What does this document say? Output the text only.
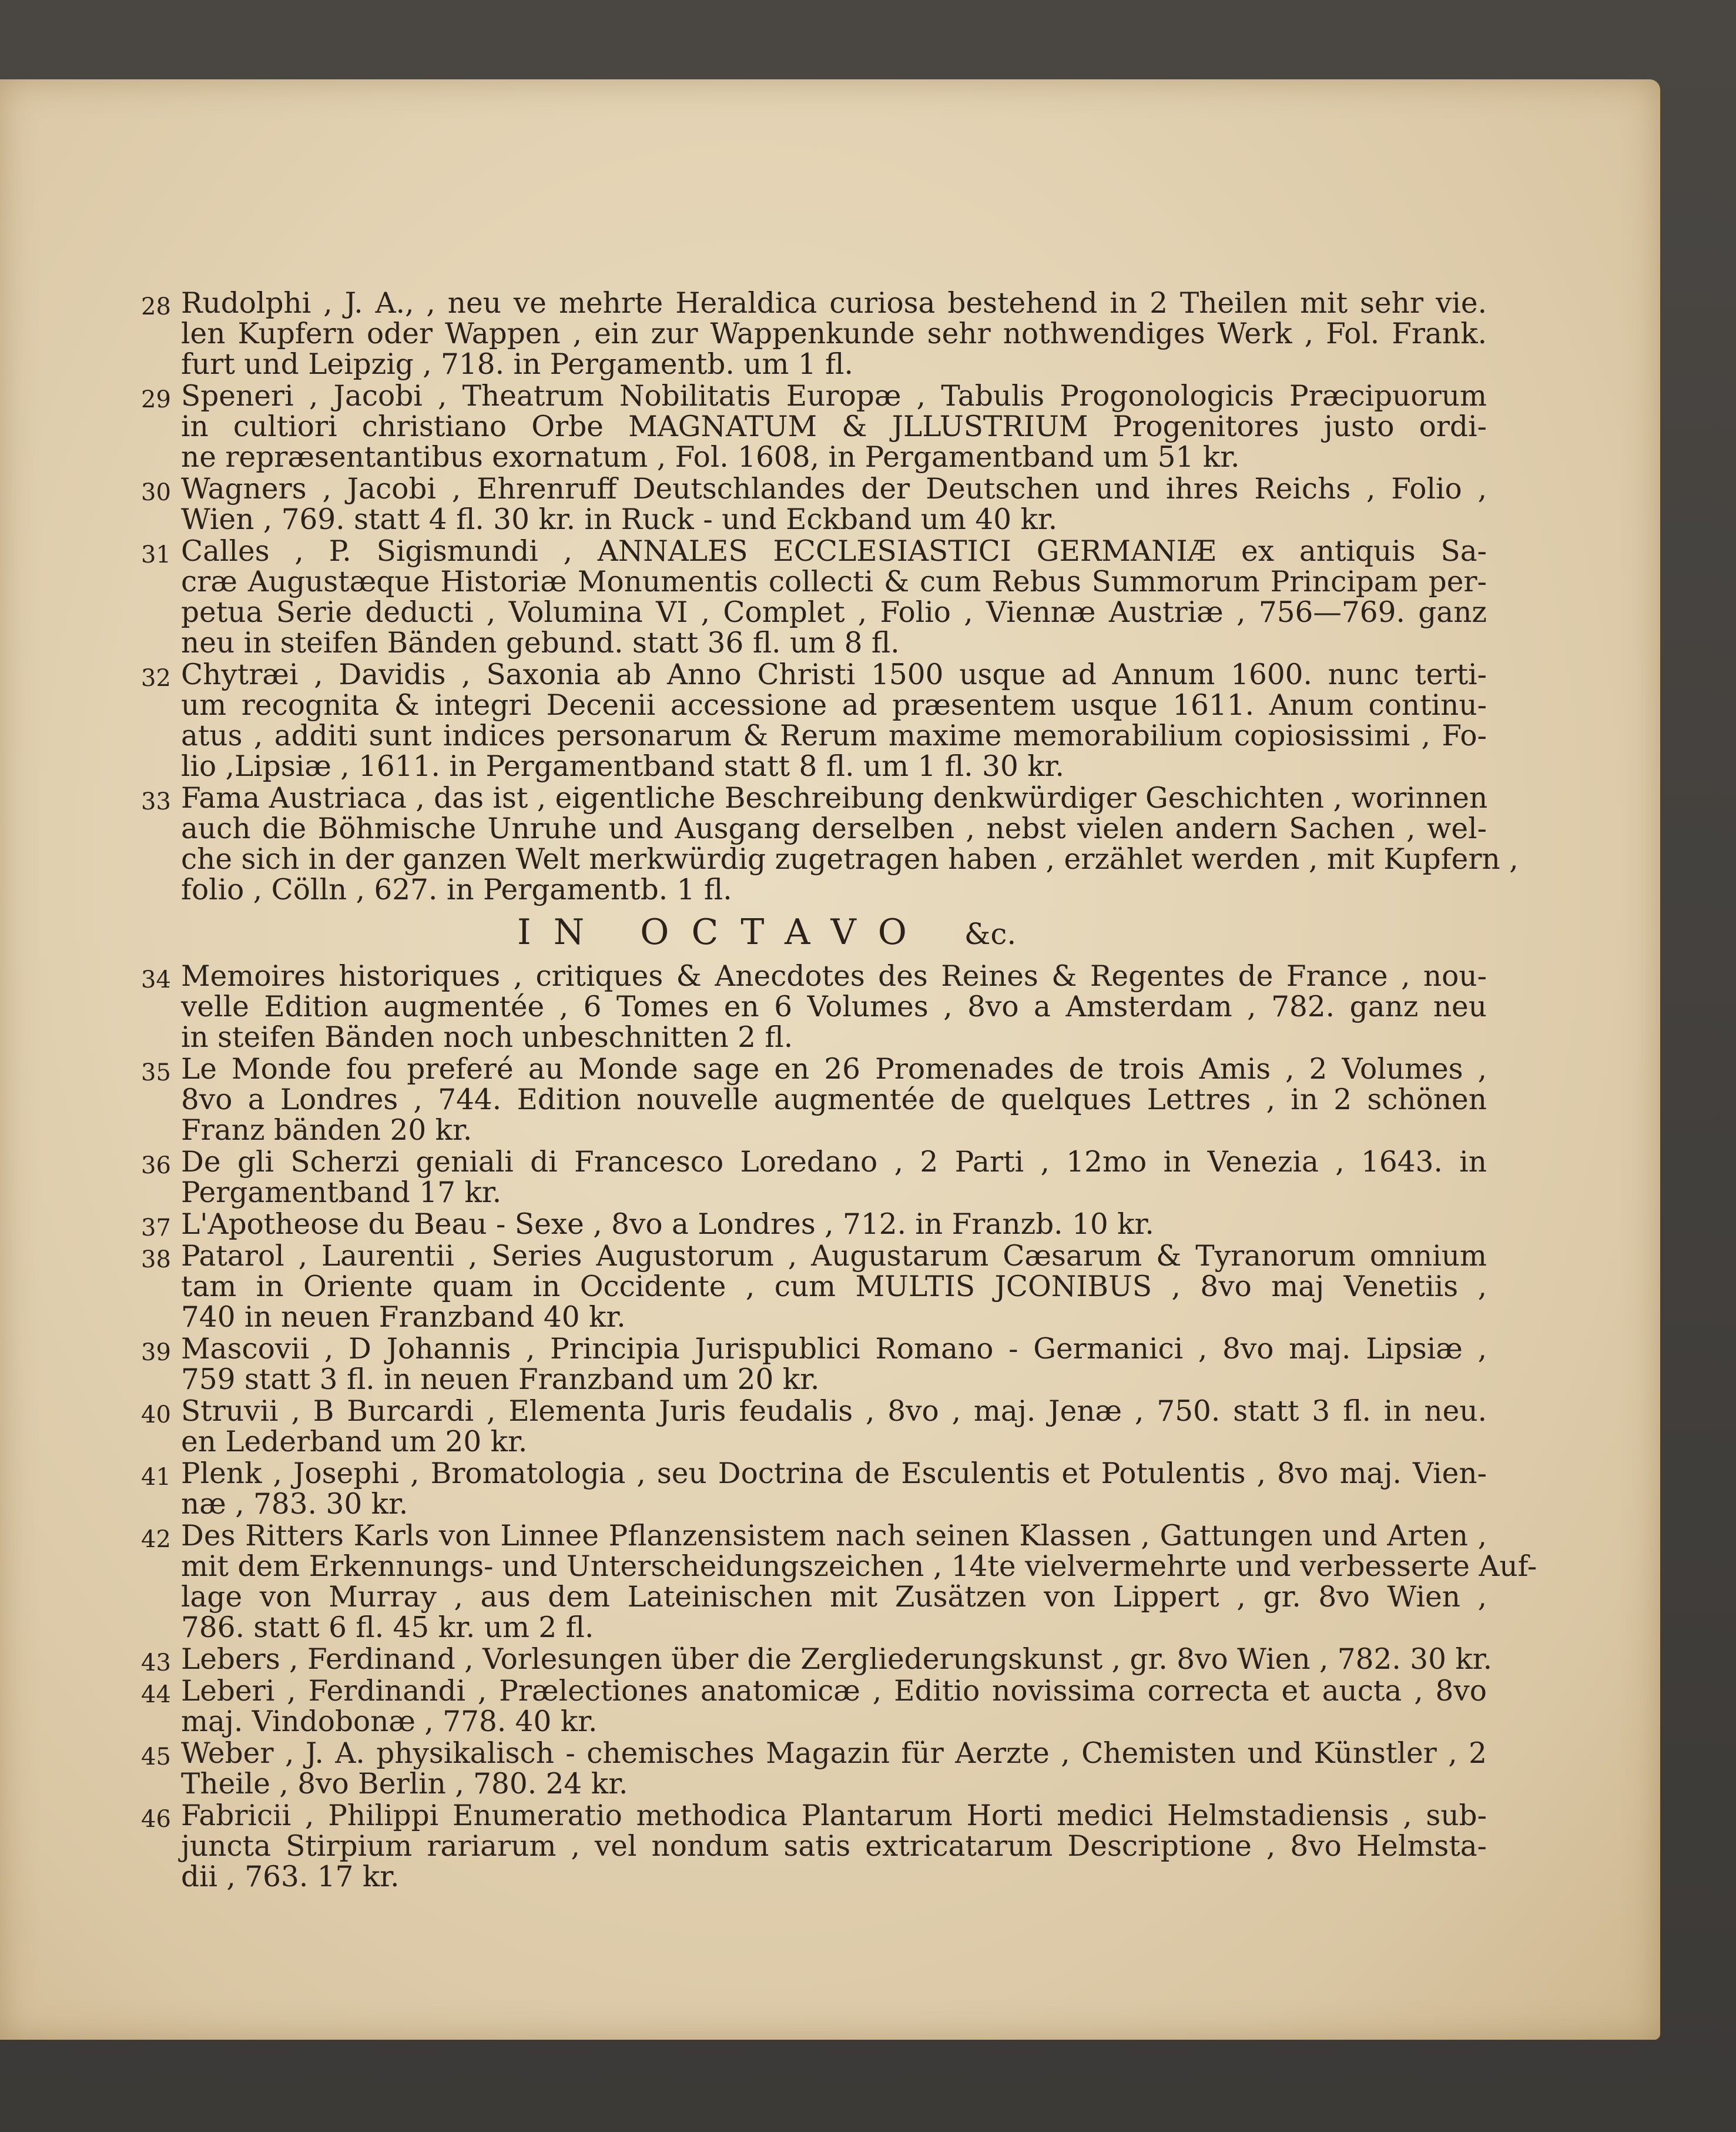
28 Rudolphi , J. A., , neu ve mehrte Heraldica curiosa bestehend in 2 Theilen mit sehr vie.
len Kupfern oder Wappen , ein zur Wappenkunde sehr nothwendiges Werk , Fol. Frank.
furt und Leipzig , 718. in Pergamentb. um 1 fl.
29 Speneri , Jacobi , Theatrum Nobilitatis Europæ , Tabulis Progonologicis Præcipuorum
in cultiori christiano Orbe MAGNATUM & JLLUSTRIUM Progenitores justo ordi-
ne repræsentantibus exornatum , Fol. 1608, in Pergamentband um 51 kr.
30 Wagners , Jacobi , Ehrenruff Deutschlandes der Deutschen und ihres Reichs , Folio ,
Wien , 769. statt 4 fl. 30 kr. in Ruck - und Eckband um 40 kr.
31 Calles , P. Sigismundi , ANNALES ECCLESIASTICI GERMANIÆ ex antiquis Sa-
cræ Augustæque Historiæ Monumentis collecti & cum Rebus Summorum Principam per-
petua Serie deducti , Volumina VI , Complet , Folio , Viennæ Austriæ , 756—769. ganz
neu in steifen Bänden gebund. statt 36 fl. um 8 fl.
32 Chytræi , Davidis , Saxonia ab Anno Christi 1500 usque ad Annum 1600. nunc terti-
um recognita & integri Decenii accessione ad præsentem usque 1611. Anum continu-
atus , additi sunt indices personarum & Rerum maxime memorabilium copiosissimi , Fo-
lio ,Lipsiæ , 1611. in Pergamentband statt 8 fl. um 1 fl. 30 kr.
33 Fama Austriaca , das ist , eigentliche Beschreibung denkwürdiger Geschichten , worinnen
auch die Böhmische Unruhe und Ausgang derselben , nebst vielen andern Sachen , wel-
che sich in der ganzen Welt merkwürdig zugetragen haben , erzählet werden , mit Kupfern ,
folio , Cölln , 627. in Pergamentb. 1 fl.
IN OCTAVO &c.
34 Memoires historiques , critiques & Anecdotes des Reines & Regentes de France , nou-
velle Edition augmentée , 6 Tomes en 6 Volumes , 8vo a Amsterdam , 782. ganz neu
in steifen Bänden noch unbeschnitten 2 fl.
35 Le Monde fou preferé au Monde sage en 26 Promenades de trois Amis , 2 Volumes ,
8vo a Londres , 744. Edition nouvelle augmentée de quelques Lettres , in 2 schönen
Franz bänden 20 kr.
36 De gli Scherzi geniali di Francesco Loredano , 2 Parti , 12mo in Venezia , 1643. in
Pergamentband 17 kr.
37 L'Apotheose du Beau - Sexe , 8vo a Londres , 712. in Franzb. 10 kr.
38 Patarol , Laurentii , Series Augustorum , Augustarum Cæsarum & Tyranorum omnium
tam in Oriente quam in Occidente , cum MULTIS JCONIBUS , 8vo maj Venetiis ,
740 in neuen Franzband 40 kr.
39 Mascovii , D Johannis , Principia Jurispublici Romano - Germanici , 8vo maj. Lipsiæ ,
759 statt 3 fl. in neuen Franzband um 20 kr.
40 Struvii , B Burcardi , Elementa Juris feudalis , 8vo , maj. Jenæ , 750. statt 3 fl. in neu.
en Lederband um 20 kr.
41 Plenk , Josephi , Bromatologia , seu Doctrina de Esculentis et Potulentis , 8vo maj. Vien-
næ , 783. 30 kr.
42 Des Ritters Karls von Linnee Pflanzensistem nach seinen Klassen , Gattungen und Arten ,
mit dem Erkennungs- und Unterscheidungszeichen , 14te vielvermehrte und verbesserte Auf-
lage von Murray , aus dem Lateinischen mit Zusätzen von Lippert , gr. 8vo Wien ,
786. statt 6 fl. 45 kr. um 2 fl.
43 Lebers , Ferdinand , Vorlesungen über die Zergliederungskunst , gr. 8vo Wien , 782. 30 kr.
44 Leberi , Ferdinandi , Prælectiones anatomicæ , Editio novissima correcta et aucta , 8vo
maj. Vindobonæ , 778. 40 kr.
45 Weber , J. A. physikalisch - chemisches Magazin für Aerzte , Chemisten und Künstler , 2
Theile , 8vo Berlin , 780. 24 kr.
46 Fabricii , Philippi Enumeratio methodica Plantarum Horti medici Helmstadiensis , sub-
juncta Stirpium rariarum , vel nondum satis extricatarum Descriptione , 8vo Helmsta-
dii , 763. 17 kr.
